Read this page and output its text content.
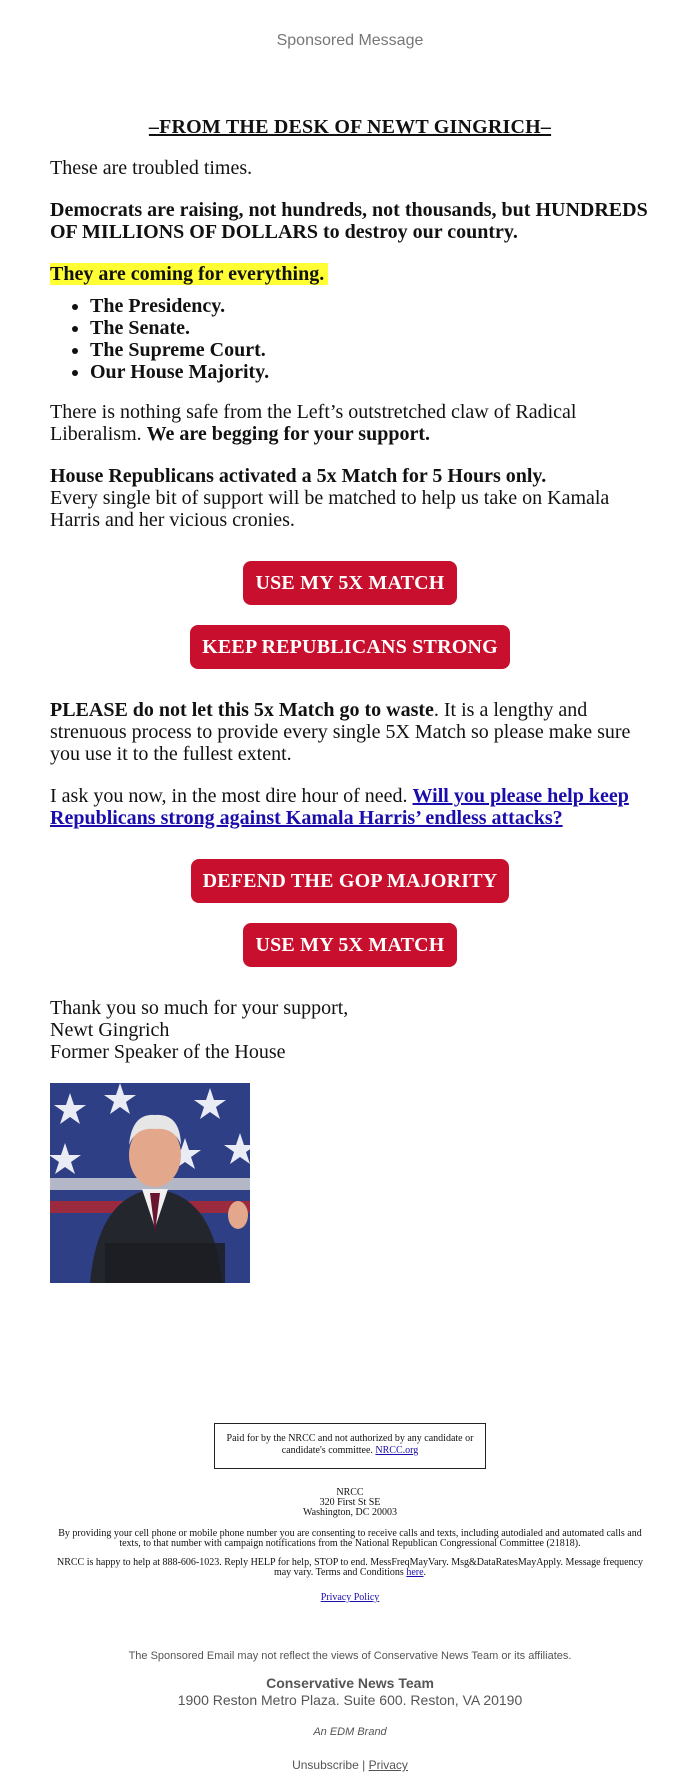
Sponsored Message
–FROM THE DESK OF NEWT GINGRICH–
These are troubled times.
Democrats are raising, not hundreds, not thousands, but HUNDREDS OF MILLIONS OF DOLLARS to destroy our country.
They are coming for everything.
• The Presidency.
• The Senate.
• The Supreme Court.
• Our House Majority.
There is nothing safe from the Left’s outstretched claw of Radical Liberalism. We are begging for your support.
House Republicans activated a 5x Match for 5 Hours only.
Every single bit of support will be matched to help us take on Kamala Harris and her vicious cronies.
USE MY 5X MATCH
KEEP REPUBLICANS STRONG
PLEASE do not let this 5x Match go to waste. It is a lengthy and strenuous process to provide every single 5X Match so please make sure you use it to the fullest extent.
I ask you now, in the most dire hour of need. Will you please help keep Republicans strong against Kamala Harris’ endless attacks?
DEFEND THE GOP MAJORITY
USE MY 5X MATCH
Thank you so much for your support,
Newt Gingrich
Former Speaker of the House
Paid for by the NRCC and not authorized by any candidate or candidate's committee. NRCC.org
NRCC
320 First St SE
Washington, DC 20003
By providing your cell phone or mobile phone number you are consenting to receive calls and texts, including autodialed and automated calls and texts, to that number with campaign notifications from the National Republican Congressional Committee (21818).
NRCC is happy to help at 888-606-1023. Reply HELP for help, STOP to end. MessFreqMayVary. Msg&DataRatesMayApply. Message frequency may vary. Terms and Conditions here.
Privacy Policy
The Sponsored Email may not reflect the views of Conservative News Team or its affiliates.
Conservative News Team
1900 Reston Metro Plaza. Suite 600. Reston, VA 20190
An EDM Brand
Unsubscribe | Privacy
